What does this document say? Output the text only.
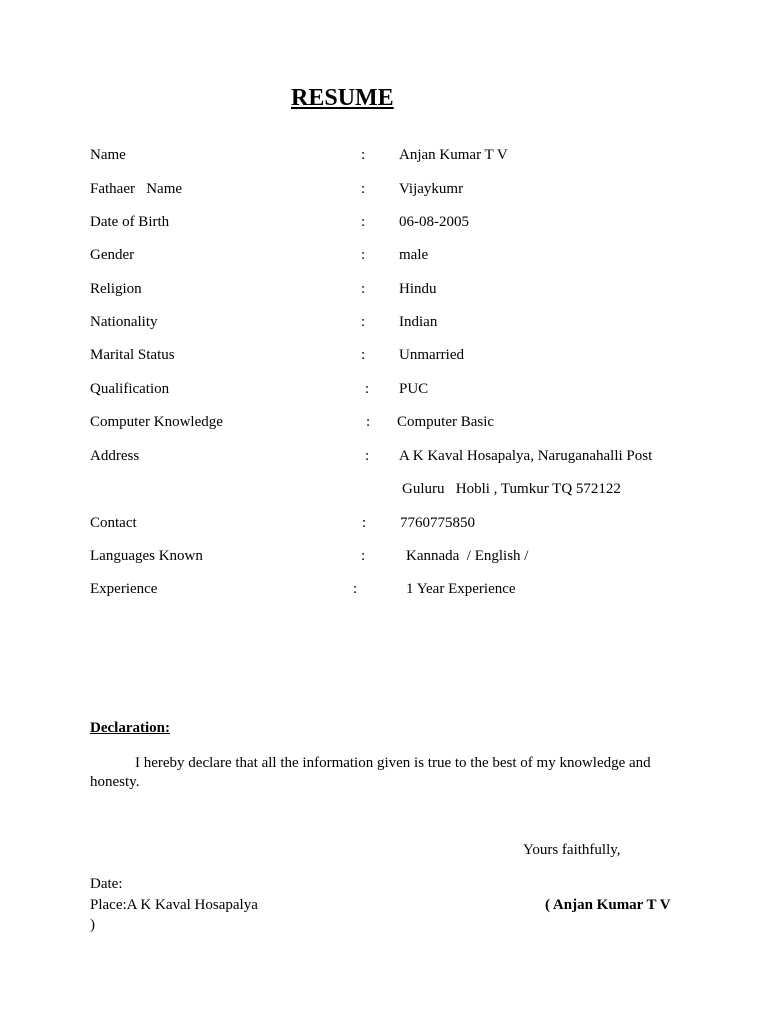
RESUME
Name	: Anjan Kumar T V
Fathaer   Name	: Vijaykumr
Date of Birth	: 06-08-2005
Gender	: male
Religion	: Hindu
Nationality	: Indian
Marital Status	: Unmarried
Qualification	: PUC
Computer Knowledge	: Computer Basic
Address	: A K Kaval Hosapalya, Naruganahalli Post
Guluru   Hobli , Tumkur TQ 572122
Contact	: 7760775850
Languages Known	:	Kannada  / English /
Experience	:	1 Year Experience
Declaration:
I hereby declare that all the information given is true to the best of my knowledge and honesty.
Yours faithfully,
Date:
Place:A K Kaval Hosapalya	( Anjan Kumar T V
)
